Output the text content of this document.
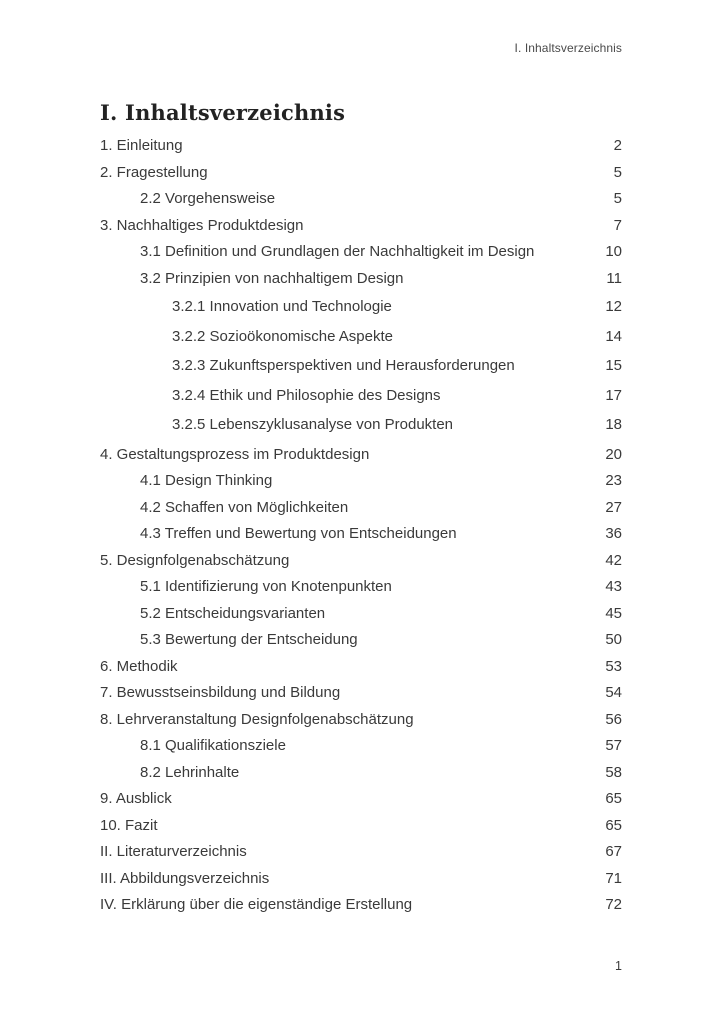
I. Inhaltsverzeichnis
I. Inhaltsverzeichnis
1. Einleitung	2
2. Fragestellung	5
2.2 Vorgehensweise	5
3. Nachhaltiges Produktdesign	7
3.1 Definition und Grundlagen der Nachhaltigkeit im Design	10
3.2 Prinzipien von nachhaltigem Design	11
3.2.1 Innovation und Technologie	12
3.2.2 Sozioökonomische Aspekte	14
3.2.3 Zukunftsperspektiven und Herausforderungen	15
3.2.4 Ethik und Philosophie des Designs	17
3.2.5 Lebenszyklusanalyse von Produkten	18
4. Gestaltungsprozess im Produktdesign	20
4.1 Design Thinking	23
4.2 Schaffen von Möglichkeiten	27
4.3 Treffen und Bewertung von Entscheidungen	36
5. Designfolgenabschätzung	42
5.1 Identifizierung von Knotenpunkten	43
5.2 Entscheidungsvarianten	45
5.3 Bewertung der Entscheidung	50
6. Methodik	53
7. Bewusstseinsbildung und Bildung	54
8. Lehrveranstaltung Designfolgenabschätzung	56
8.1 Qualifikationsziele	57
8.2 Lehrinhalte	58
9. Ausblick	65
10. Fazit	65
II. Literaturverzeichnis	67
III. Abbildungsverzeichnis	71
IV. Erklärung über die eigenständige Erstellung	72
1
